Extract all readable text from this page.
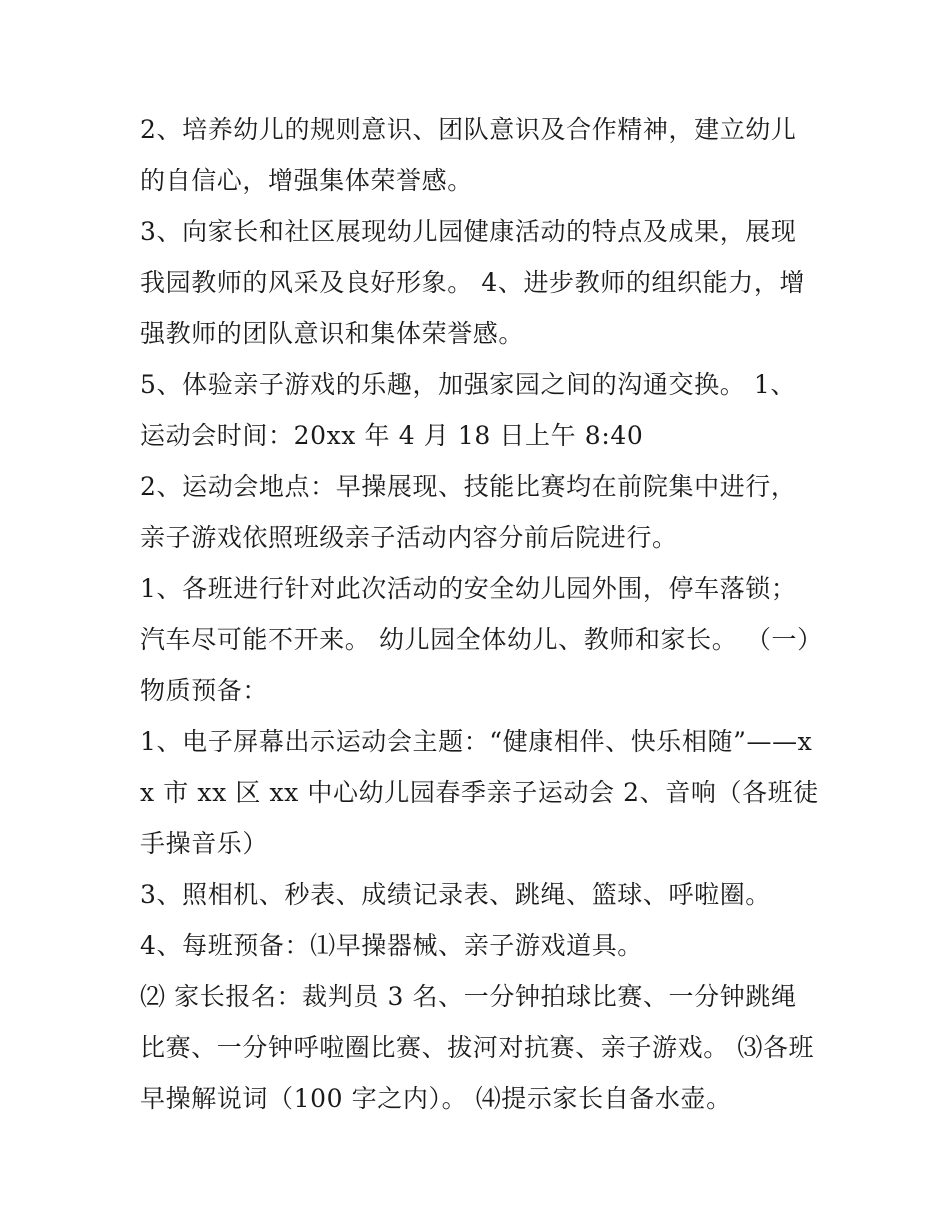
2、培养幼儿的规则意识、团队意识及合作精神，建立幼儿的自信心，增强集体荣誉感。

3、向家长和社区展现幼儿园健康活动的特点及成果，展现我园教师的风采及良好形象。 4、进步教师的组织能力，增强教师的团队意识和集体荣誉感。

5、体验亲子游戏的乐趣，加强家园之间的沟通交换。 1、运动会时间：20xx 年 4 月 18 日上午 8:40

2、运动会地点：早操展现、技能比赛均在前院集中进行，亲子游戏依照班级亲子活动内容分前后院进行。

1、各班进行针对此次活动的安全幼儿园外围，停车落锁；汽车尽可能不开来。 幼儿园全体幼儿、教师和家长。 （一）物质预备：

1、电子屏幕出示运动会主题：“健康相伴、快乐相随”——xx 市 xx 区 xx 中心幼儿园春季亲子运动会 2、音响（各班徒手操音乐）

3、照相机、秒表、成绩记录表、跳绳、篮球、呼啦圈。 4、每班预备：⑴早操器械、亲子游戏道具。

⑵ 家长报名：裁判员 3 名、一分钟拍球比赛、一分钟跳绳比赛、一分钟呼啦圈比赛、拔河对抗赛、亲子游戏。 ⑶各班早操解说词（100 字之内）。 ⑷提示家长自备水壶。
